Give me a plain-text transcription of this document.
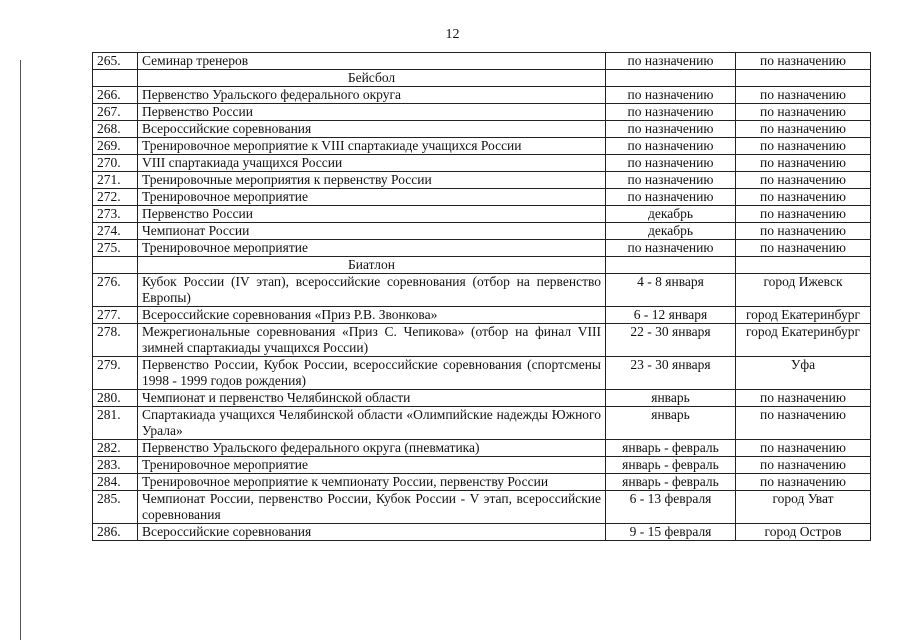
12
265.	Семинар тренеров	по назначению	по назначению
	Бейсбол		
266.	Первенство Уральского федерального округа	по назначению	по назначению
267.	Первенство России	по назначению	по назначению
268.	Всероссийские соревнования	по назначению	по назначению
269.	Тренировочное мероприятие к VIII спартакиаде учащихся России	по назначению	по назначению
270.	VIII спартакиада учащихся России	по назначению	по назначению
271.	Тренировочные мероприятия к первенству России	по назначению	по назначению
272.	Тренировочное мероприятие	по назначению	по назначению
273.	Первенство России	декабрь	по назначению
274.	Чемпионат России	декабрь	по назначению
275.	Тренировочное мероприятие	по назначению	по назначению
	Биатлон		
276.	Кубок России (IV этап), всероссийские соревнования (отбор на первенство Европы)	4 - 8 января	город Ижевск
277.	Всероссийские соревнования «Приз Р.В. Звонкова»	6 - 12 января	город Екатеринбург
278.	Межрегиональные соревнования «Приз С. Чепикова» (отбор на финал VIII зимней спартакиады учащихся России)	22 - 30 января	город Екатеринбург
279.	Первенство России, Кубок России, всероссийские соревнования (спортсмены 1998 - 1999 годов рождения)	23 - 30 января	Уфа
280.	Чемпионат и первенство Челябинской области	январь	по назначению
281.	Спартакиада учащихся Челябинской области «Олимпийские надежды Южного Урала»	январь	по назначению
282.	Первенство Уральского федерального округа (пневматика)	январь - февраль	по назначению
283.	Тренировочное мероприятие	январь - февраль	по назначению
284.	Тренировочное мероприятие к чемпионату России, первенству России	январь - февраль	по назначению
285.	Чемпионат России, первенство России, Кубок России - V этап, всероссийские соревнования	6 - 13 февраля	город Уват
286.	Всероссийские соревнования	9 - 15 февраля	город Остров
